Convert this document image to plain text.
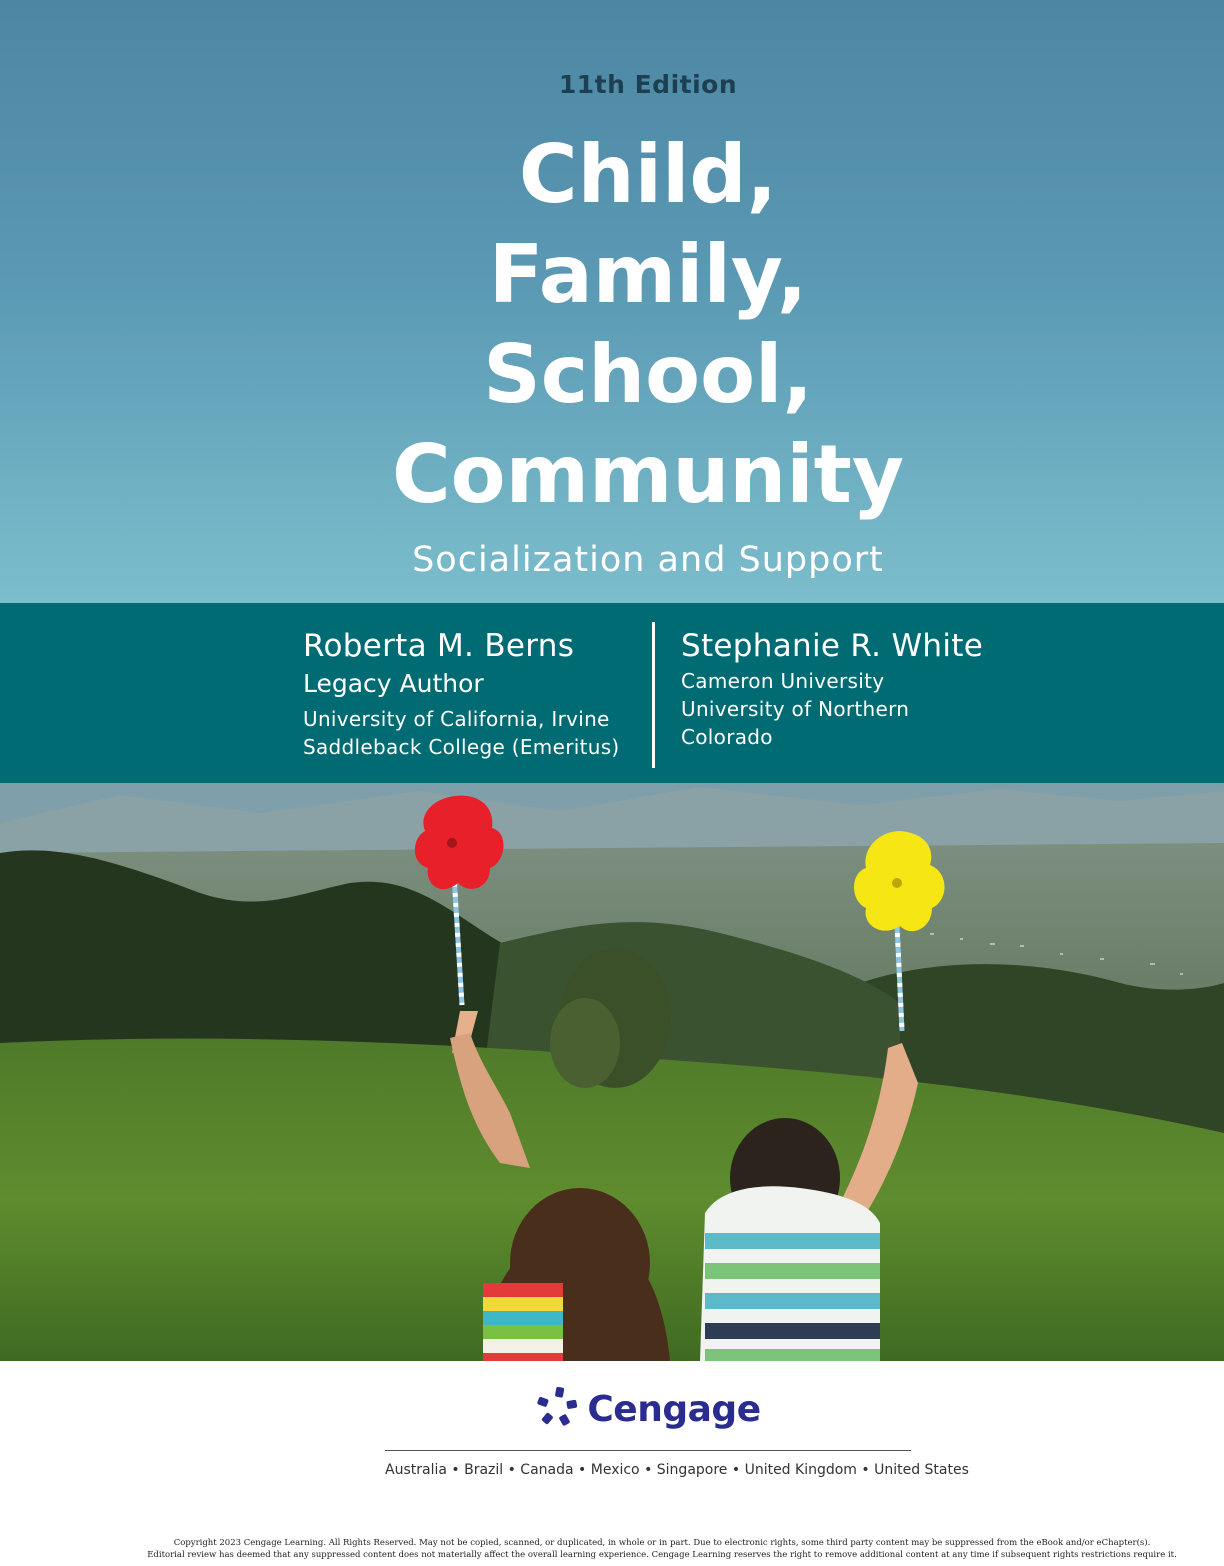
11th Edition
Child,
Family,
School,
Community
Socialization and Support
Roberta M. Berns
Legacy Author
University of California, Irvine
Saddleback College (Emeritus)
Stephanie R. White
Cameron University
University of Northern
Colorado
Cengage
Australia • Brazil • Canada • Mexico • Singapore • United Kingdom • United States
Copyright 2023 Cengage Learning. All Rights Reserved. May not be copied, scanned, or duplicated, in whole or in part. Due to electronic rights, some third party content may be suppressed from the eBook and/or eChapter(s).
Editorial review has deemed that any suppressed content does not materially affect the overall learning experience. Cengage Learning reserves the right to remove additional content at any time if subsequent rights restrictions require it.
